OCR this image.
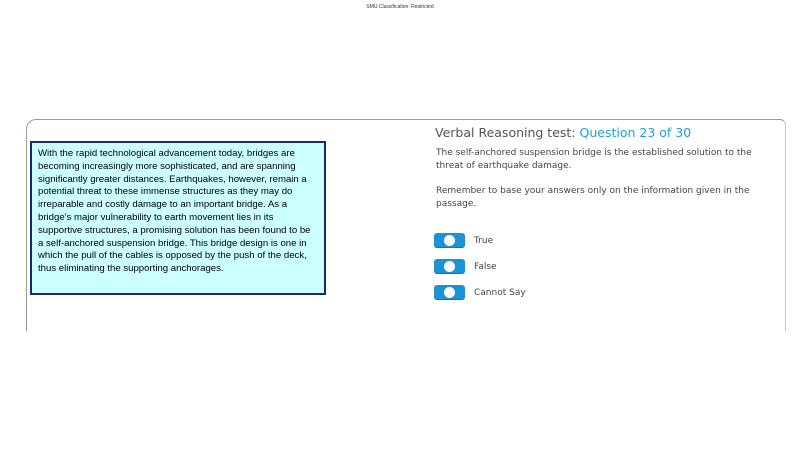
SMU Classification: Restricted

With the rapid technological advancement today, bridges are becoming increasingly more sophisticated, and are spanning significantly greater distances. Earthquakes, however, remain a potential threat to these immense structures as they may do irreparable and costly damage to an important bridge. As a bridge's major vulnerability to earth movement lies in its supportive structures, a promising solution has been found to be a self-anchored suspension bridge. This bridge design is one in which the pull of the cables is opposed by the push of the deck, thus eliminating the supporting anchorages.

Verbal Reasoning test: Question 23 of 30
The self-anchored suspension bridge is the established solution to the threat of earthquake damage.
Remember to base your answers only on the information given in the passage.
True
False
Cannot Say
